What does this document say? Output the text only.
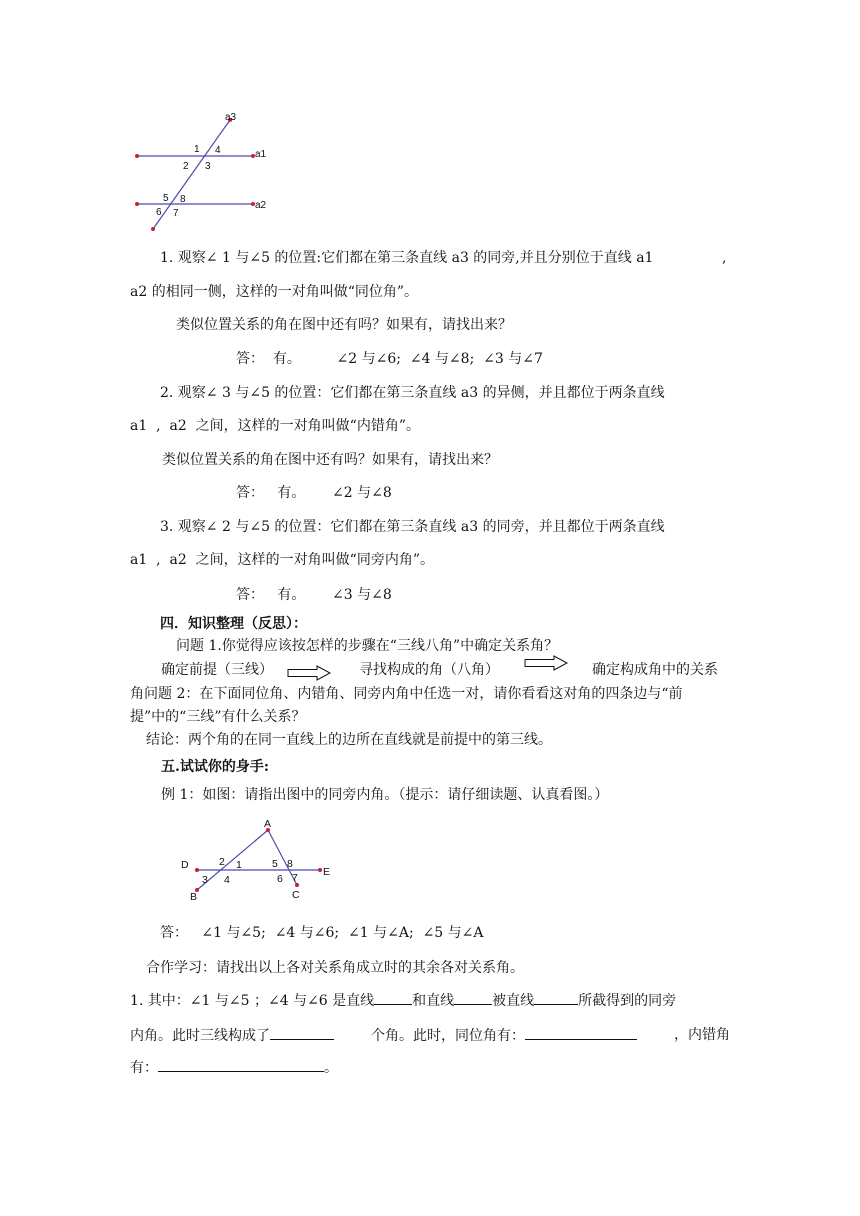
a3
a1
a2
1 4
2 3
5 8
6 7
1. 观察∠ 1 与∠5 的位置:它们都在第三条直线 a3 的同旁,并且分别位于直线 a1	,
a2 的相同一侧，这样的一对角叫做“同位角”。
类似位置关系的角在图中还有吗？如果有，请找出来？
答：  有。        ∠2 与∠6;  ∠4 与∠8;  ∠3 与∠7
2. 观察∠ 3 与∠5 的位置：它们都在第三条直线 a3 的异侧，并且都位于两条直线
a1  ,  a2  之间，这样的一对角叫做“内错角”。
类似位置关系的角在图中还有吗？如果有，请找出来？
答：   有。      ∠2 与∠8
3. 观察∠ 2 与∠5 的位置：它们都在第三条直线 a3 的同旁，并且都位于两条直线
a1  ,  a2  之间，这样的一对角叫做“同旁内角”。
答：   有。      ∠3 与∠8
四．知识整理（反思）：
问题 1.你觉得应该按怎样的步骤在“三线八角”中确定关系角？
确定前提（三线）	寻找构成的角（八角）	确定构成角中的关系
角问题 2：在下面同位角、内错角、同旁内角中任选一对，请你看看这对角的四条边与“前
提”中的“三线”有什么关系？
结论：两个角的在同一直线上的边所在直线就是前提中的第三线。
五.试试你的身手:
例 1：如图：请指出图中的同旁内角。（提示：请仔细读题、认真看图。）
A
D
E
B	C
2 1
3 4
5 8
6 7
答：   ∠1 与∠5;  ∠4 与∠6;  ∠1 与∠A;  ∠5 与∠A
合作学习：请找出以上各对关系角成立时的其余各对关系角。
1. 其中：∠1 与∠5 ；∠4 与∠6 是直线	和直线	被直线	所截得到的同旁
内角。此时三线构成了	个角。此时，同位角有：	，内错角
有：	。
